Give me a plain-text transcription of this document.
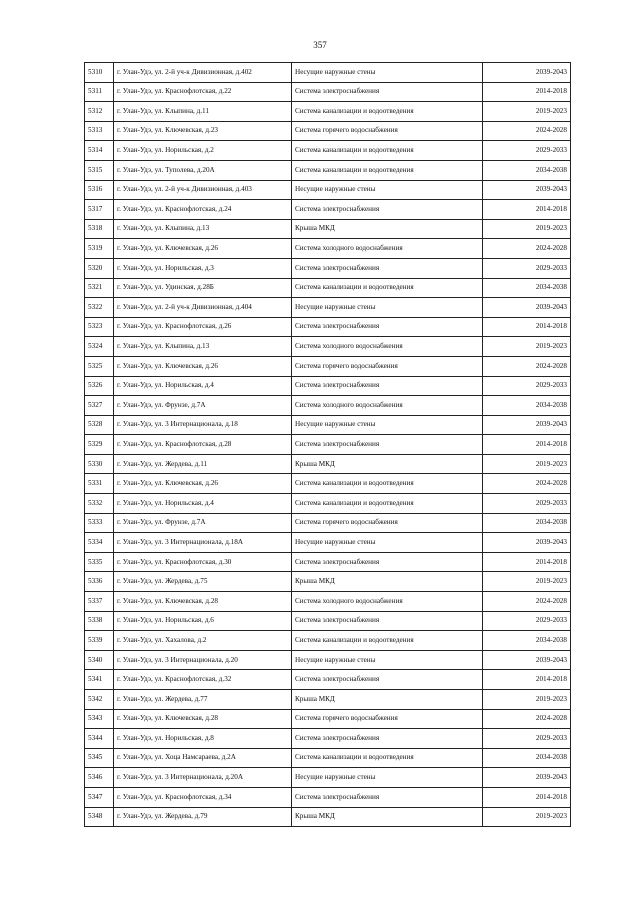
357
5310	г. Улан-Удэ, ул. 2-й уч-к Дивизионная, д.402	Несущие наружные стены	2039-2043
5311	г. Улан-Удэ, ул. Краснофлотская, д.22	Система электроснабжения	2014-2018
5312	г. Улан-Удэ, ул. Клыпина, д.11	Система канализации и водоотведения	2019-2023
5313	г. Улан-Удэ, ул. Ключевская, д.23	Система горячего водоснабжения	2024-2028
5314	г. Улан-Удэ, ул. Норильская, д.2	Система канализации и водоотведения	2029-2033
5315	г. Улан-Удэ, ул. Туполева, д.20А	Система канализации и водоотведения	2034-2038
5316	г. Улан-Удэ, ул. 2-й уч-к Дивизионная, д.403	Несущие наружные стены	2039-2043
5317	г. Улан-Удэ, ул. Краснофлотская, д.24	Система электроснабжения	2014-2018
5318	г. Улан-Удэ, ул. Клыпина, д.13	Крыша МКД	2019-2023
5319	г. Улан-Удэ, ул. Ключевская, д.26	Система холодного водоснабжения	2024-2028
5320	г. Улан-Удэ, ул. Норильская, д.3	Система электроснабжения	2029-2033
5321	г. Улан-Удэ, ул. Удинская, д.28Б	Система канализации и водоотведения	2034-2038
5322	г. Улан-Удэ, ул. 2-й уч-к Дивизионная, д.404	Несущие наружные стены	2039-2043
5323	г. Улан-Удэ, ул. Краснофлотская, д.26	Система электроснабжения	2014-2018
5324	г. Улан-Удэ, ул. Клыпина, д.13	Система холодного водоснабжения	2019-2023
5325	г. Улан-Удэ, ул. Ключевская, д.26	Система горячего водоснабжения	2024-2028
5326	г. Улан-Удэ, ул. Норильская, д.4	Система электроснабжения	2029-2033
5327	г. Улан-Удэ, ул. Фрунзе, д.7А	Система холодного водоснабжения	2034-2038
5328	г. Улан-Удэ, ул. 3 Интернационала, д.18	Несущие наружные стены	2039-2043
5329	г. Улан-Удэ, ул. Краснофлотская, д.28	Система электроснабжения	2014-2018
5330	г. Улан-Удэ, ул. Жердева, д.11	Крыша МКД	2019-2023
5331	г. Улан-Удэ, ул. Ключевская, д.26	Система канализации и водоотведения	2024-2028
5332	г. Улан-Удэ, ул. Норильская, д.4	Система канализации и водоотведения	2029-2033
5333	г. Улан-Удэ, ул. Фрунзе, д.7А	Система горячего водоснабжения	2034-2038
5334	г. Улан-Удэ, ул. 3 Интернационала, д.18А	Несущие наружные стены	2039-2043
5335	г. Улан-Удэ, ул. Краснофлотская, д.30	Система электроснабжения	2014-2018
5336	г. Улан-Удэ, ул. Жердева, д.75	Крыша МКД	2019-2023
5337	г. Улан-Удэ, ул. Ключевская, д.28	Система холодного водоснабжения	2024-2028
5338	г. Улан-Удэ, ул. Норильская, д.6	Система электроснабжения	2029-2033
5339	г. Улан-Удэ, ул. Хахалова, д.2	Система канализации и водоотведения	2034-2038
5340	г. Улан-Удэ, ул. 3 Интернационала, д.20	Несущие наружные стены	2039-2043
5341	г. Улан-Удэ, ул. Краснофлотская, д.32	Система электроснабжения	2014-2018
5342	г. Улан-Удэ, ул. Жердева, д.77	Крыша МКД	2019-2023
5343	г. Улан-Удэ, ул. Ключевская, д.28	Система горячего водоснабжения	2024-2028
5344	г. Улан-Удэ, ул. Норильская, д.8	Система электроснабжения	2029-2033
5345	г. Улан-Удэ, ул. Хоца Намсараева, д.2А	Система канализации и водоотведения	2034-2038
5346	г. Улан-Удэ, ул. 3 Интернационала, д.20А	Несущие наружные стены	2039-2043
5347	г. Улан-Удэ, ул. Краснофлотская, д.34	Система электроснабжения	2014-2018
5348	г. Улан-Удэ, ул. Жердева, д.79	Крыша МКД	2019-2023
